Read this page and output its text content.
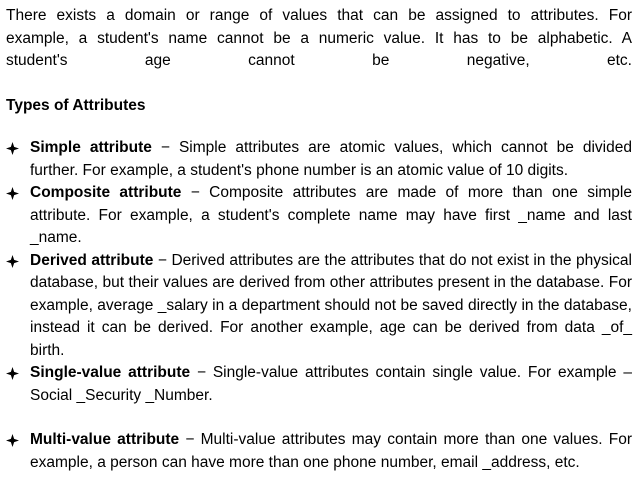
There exists a domain or range of values that can be assigned to attributes. For
example, a student's name cannot be a numeric value. It has to be alphabetic. A
student's age cannot be negative, etc.

Types of Attributes
Simple attribute − Simple attributes are atomic values, which cannot be divided further. For example, a student's phone number is an atomic value of 10 digits.
Composite attribute − Composite attributes are made of more than one simple attribute. For example, a student's complete name may have first _name and last _name.
Derived attribute − Derived attributes are the attributes that do not exist in the physical database, but their values are derived from other attributes present in the database. For example, average _salary in a department should not be saved directly in the database, instead it can be derived. For another example, age can be derived from data _of_ birth.
Single-value attribute − Single-value attributes contain single value. For example – Social _Security _Number.
Multi-value attribute − Multi-value attributes may contain more than one values. For example, a person can have more than one phone number, email _address, etc.
